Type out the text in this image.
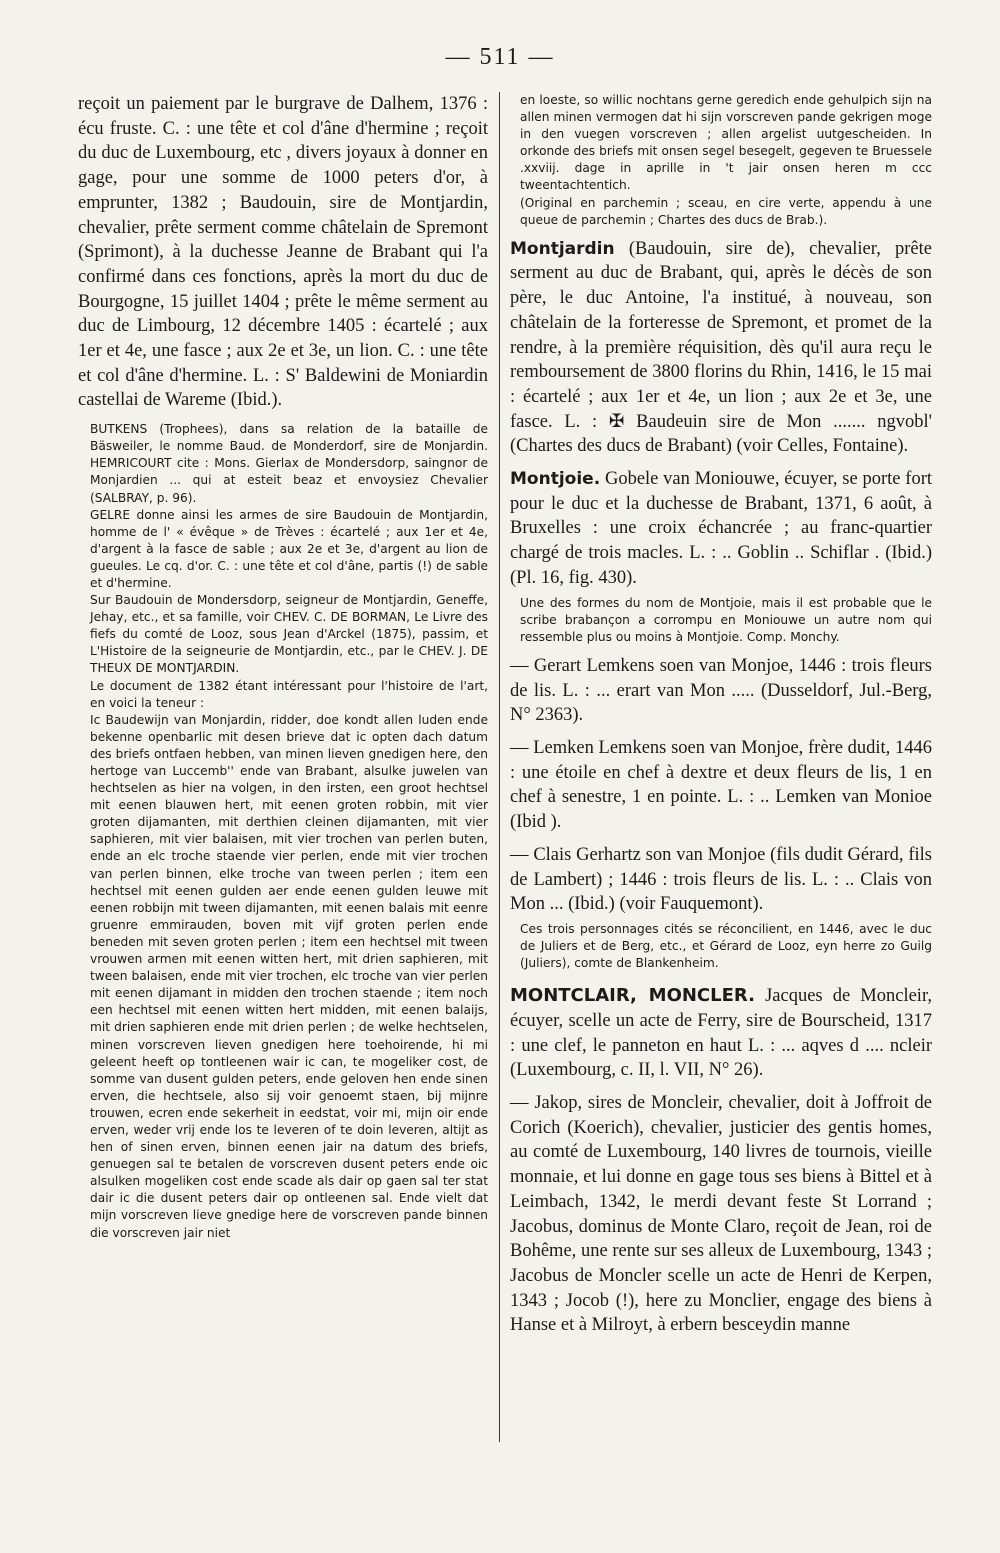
— 511 —

reçoit un paiement par le burgrave de Dalhem, 1376 : écu fruste. C. : une tête et col d'âne d'hermine ; reçoit du duc de Luxembourg, etc , divers joyaux à donner en gage, pour une somme de 1000 peters d'or, à emprunter, 1382 ; Baudouin, sire de Montjardin, chevalier, prête serment comme châtelain de Spremont (Sprimont), à la duchesse Jeanne de Brabant qui l'a confirmé dans ces fonctions, après la mort du duc de Bourgogne, 15 juillet 1404 ; prête le même serment au duc de Limbourg, 12 décembre 1405 : écartelé ; aux 1er et 4e, une fasce ; aux 2e et 3e, un lion. C. : une tête et col d'âne d'hermine. L. : S' Baldewini de Moniardin castellai de Wareme (Ibid.).

BUTKENS (Trophees), dans sa relation de la bataille de Bäsweiler, le nomme Baud. de Monderdorf, sire de Monjardin. HEMRICOURT cite : Mons. Gierlax de Mondersdorp, saingnor de Monjardien ... qui at esteit beaz et envoysiez Chevalier (SALBRAY, p. 96).

GELRE donne ainsi les armes de sire Baudouin de Montjardin, homme de l' « évêque » de Trèves : écartelé ; aux 1er et 4e, d'argent à la fasce de sable ; aux 2e et 3e, d'argent au lion de gueules. Le cq. d'or. C. : une tête et col d'âne, partis (!) de sable et d'hermine.

Sur Baudouin de Mondersdorp, seigneur de Montjardin, Geneffe, Jehay, etc., et sa famille, voir CHEV. C. DE BORMAN, Le Livre des fiefs du comté de Looz, sous Jean d'Arckel (1875), passim, et L'Histoire de la seigneurie de Montjardin, etc., par le CHEV. J. DE THEUX DE MONTJARDIN.

Le document de 1382 étant intéressant pour l'histoire de l'art, en voici la teneur :

Ic Baudewijn van Monjardin, ridder, doe kondt allen luden ende bekenne openbarlic mit desen brieve dat ic opten dach datum des briefs ontfaen hebben, van minen lieven gnedigen here, den hertoge van Luccemb'' ende van Brabant, alsulke juwelen van hechtselen as hier na volgen, in den irsten, een groot hechtsel mit eenen blauwen hert, mit eenen groten robbin, mit vier groten dijamanten, mit derthien cleinen dijamanten, mit vier saphieren, mit vier balaisen, mit vier trochen van perlen buten, ende an elc troche staende vier perlen, ende mit vier trochen van perlen binnen, elke troche van tween perlen ; item een hechtsel mit eenen gulden aer ende eenen gulden leuwe mit eenen robbijn mit tween dijamanten, mit eenen balais mit eenre gruenre emmirauden, boven mit vijf groten perlen ende beneden mit seven groten perlen ; item een hechtsel mit tween vrouwen armen mit eenen witten hert, mit drien saphieren, mit tween balaisen, ende mit vier trochen, elc troche van vier perlen mit eenen dijamant in midden den trochen staende ; item noch een hechtsel mit eenen witten hert midden, mit eenen balaijs, mit drien saphieren ende mit drien perlen ; de welke hechtselen, minen vorscreven lieven gnedigen here toehoirende, hi mi geleent heeft op tontleenen wair ic can, te mogeliker cost, de somme van dusent gulden peters, ende geloven hen ende sinen erven, die hechtsele, also sij voir genoemt staen, bij mijnre trouwen, ecren ende sekerheit in eedstat, voir mi, mijn oir ende erven, weder vrij ende los te leveren of te doin leveren, altijt as hen of sinen erven, binnen eenen jair na datum des briefs, genuegen sal te betalen de vorscreven dusent peters ende oic alsulken mogeliken cost ende scade als dair op gaen sal ter stat dair ic die dusent peters dair op ontleenen sal. Ende vielt dat mijn vorscreven lieve gnedige here de vorscreven pande binnen die vorscreven jair niet

en loeste, so willic nochtans gerne geredich ende gehulpich sijn na allen minen vermogen dat hi sijn vorscreven pande gekrigen moge in den vuegen vorscreven ; allen argelist uutgescheiden. In orkonde des briefs mit onsen segel besegelt, gegeven te Bruessele .xxviij. dage in aprille in 't jair onsen heren m ccc tweentachtentich.

(Original en parchemin ; sceau, en cire verte, appendu à une queue de parchemin ; Chartes des ducs de Brab.).

Montjardin (Baudouin, sire de), chevalier, prête serment au duc de Brabant, qui, après le décès de son père, le duc Antoine, l'a institué, à nouveau, son châtelain de la forteresse de Spremont, et promet de la rendre, à la première réquisition, dès qu'il aura reçu le remboursement de 3800 florins du Rhin, 1416, le 15 mai : écartelé ; aux 1er et 4e, un lion ; aux 2e et 3e, une fasce. L. : ✠ Baudeuin sire de Mon ....... ngvobl' (Chartes des ducs de Brabant) (voir Celles, Fontaine).

Montjoie. Gobele van Moniouwe, écuyer, se porte fort pour le duc et la duchesse de Brabant, 1371, 6 août, à Bruxelles : une croix échancrée ; au franc-quartier chargé de trois macles. L. : .. Goblin .. Schiflar . (Ibid.) (Pl. 16, fig. 430).

Une des formes du nom de Montjoie, mais il est probable que le scribe brabançon a corrompu en Moniouwe un autre nom qui ressemble plus ou moins à Montjoie. Comp. Monchy.

— Gerart Lemkens soen van Monjoe, 1446 : trois fleurs de lis. L. : ... erart van Mon ..... (Dusseldorf, Jul.-Berg, N° 2363).

— Lemken Lemkens soen van Monjoe, frère dudit, 1446 : une étoile en chef à dextre et deux fleurs de lis, 1 en chef à senestre, 1 en pointe. L. : .. Lemken van Monioe (Ibid ).

— Clais Gerhartz son van Monjoe (fils dudit Gérard, fils de Lambert) ; 1446 : trois fleurs de lis. L. : .. Clais von Mon ... (Ibid.) (voir Fauquemont).

Ces trois personnages cités se réconcilient, en 1446, avec le duc de Juliers et de Berg, etc., et Gérard de Looz, eyn herre zo Guilg (Juliers), comte de Blankenheim.

MONTCLAIR, MONCLER. Jacques de Moncleir, écuyer, scelle un acte de Ferry, sire de Bourscheid, 1317 : une clef, le panneton en haut L. : ... aqves d .... ncleir (Luxembourg, c. II, l. VII, N° 26).

— Jakop, sires de Moncleir, chevalier, doit à Joffroit de Corich (Koerich), chevalier, justicier des gentis homes, au comté de Luxembourg, 140 livres de tournois, vieille monnaie, et lui donne en gage tous ses biens à Bittel et à Leimbach, 1342, le merdi devant feste St Lorrand ; Jacobus, dominus de Monte Claro, reçoit de Jean, roi de Bohême, une rente sur ses alleux de Luxembourg, 1343 ; Jacobus de Moncler scelle un acte de Henri de Kerpen, 1343 ; Jocob (!), here zu Monclier, engage des biens à Hanse et à Milroyt, à erbern besceydin manne
